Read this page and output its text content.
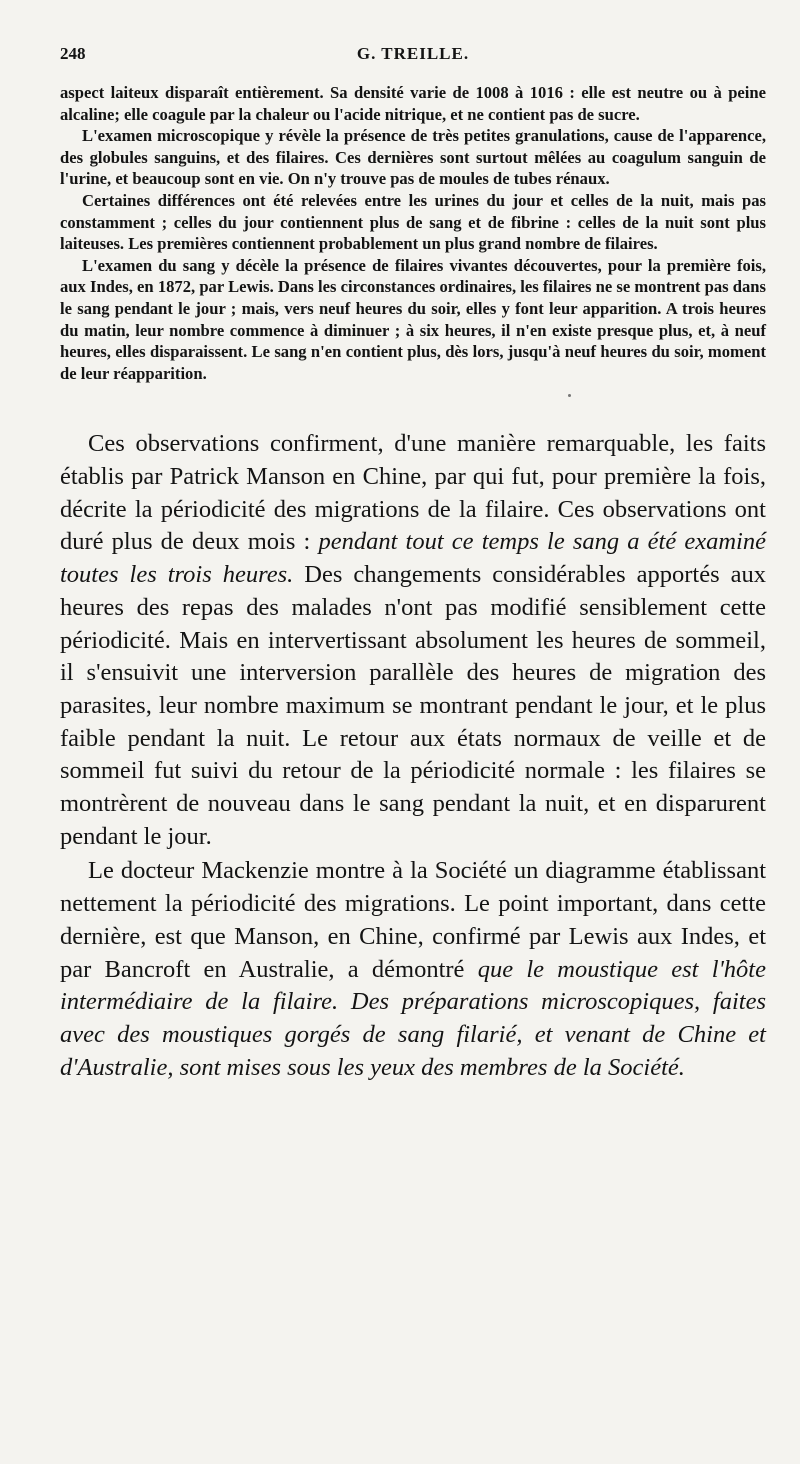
248	G. TREILLE.

aspect laiteux disparaît entièrement. Sa densité varie de 1008 à 1016 : elle est neutre ou à peine alcaline; elle coagule par la chaleur ou l'acide nitrique, et ne contient pas de sucre.

L'examen microscopique y révèle la présence de très petites granulations, cause de l'apparence, des globules sanguins, et des filaires. Ces dernières sont surtout mêlées au coagulum sanguin de l'urine, et beaucoup sont en vie. On n'y trouve pas de moules de tubes rénaux.

Certaines différences ont été relevées entre les urines du jour et celles de la nuit, mais pas constamment ; celles du jour contiennent plus de sang et de fibrine : celles de la nuit sont plus laiteuses. Les premières contiennent probablement un plus grand nombre de filaires.

L'examen du sang y décèle la présence de filaires vivantes découvertes, pour la première fois, aux Indes, en 1872, par Lewis. Dans les circonstances ordinaires, les filaires ne se montrent pas dans le sang pendant le jour ; mais, vers neuf heures du soir, elles y font leur apparition. A trois heures du matin, leur nombre commence à diminuer ; à six heures, il n'en existe presque plus, et, à neuf heures, elles disparaissent. Le sang n'en contient plus, dès lors, jusqu'à neuf heures du soir, moment de leur réapparition.

Ces observations confirment, d'une manière remarquable, les faits établis par Patrick Manson en Chine, par qui fut, pour première la fois, décrite la périodicité des migrations de la filaire. Ces observations ont duré plus de deux mois : pendant tout ce temps le sang a été examiné toutes les trois heures. Des changements considérables apportés aux heures des repas des malades n'ont pas modifié sensiblement cette périodicité. Mais en intervertissant absolument les heures de sommeil, il s'ensuivit une interversion parallèle des heures de migration des parasites, leur nombre maximum se montrant pendant le jour, et le plus faible pendant la nuit. Le retour aux états normaux de veille et de sommeil fut suivi du retour de la périodicité normale : les filaires se montrèrent de nouveau dans le sang pendant la nuit, et en disparurent pendant le jour.

Le docteur Mackenzie montre à la Société un diagramme établissant nettement la périodicité des migrations. Le point important, dans cette dernière, est que Manson, en Chine, confirmé par Lewis aux Indes, et par Bancroft en Australie, a démontré que le moustique est l'hôte intermédiaire de la filaire. Des préparations microscopiques, faites avec des moustiques gorgés de sang filarié, et venant de Chine et d'Australie, sont mises sous les yeux des membres de la Société.
